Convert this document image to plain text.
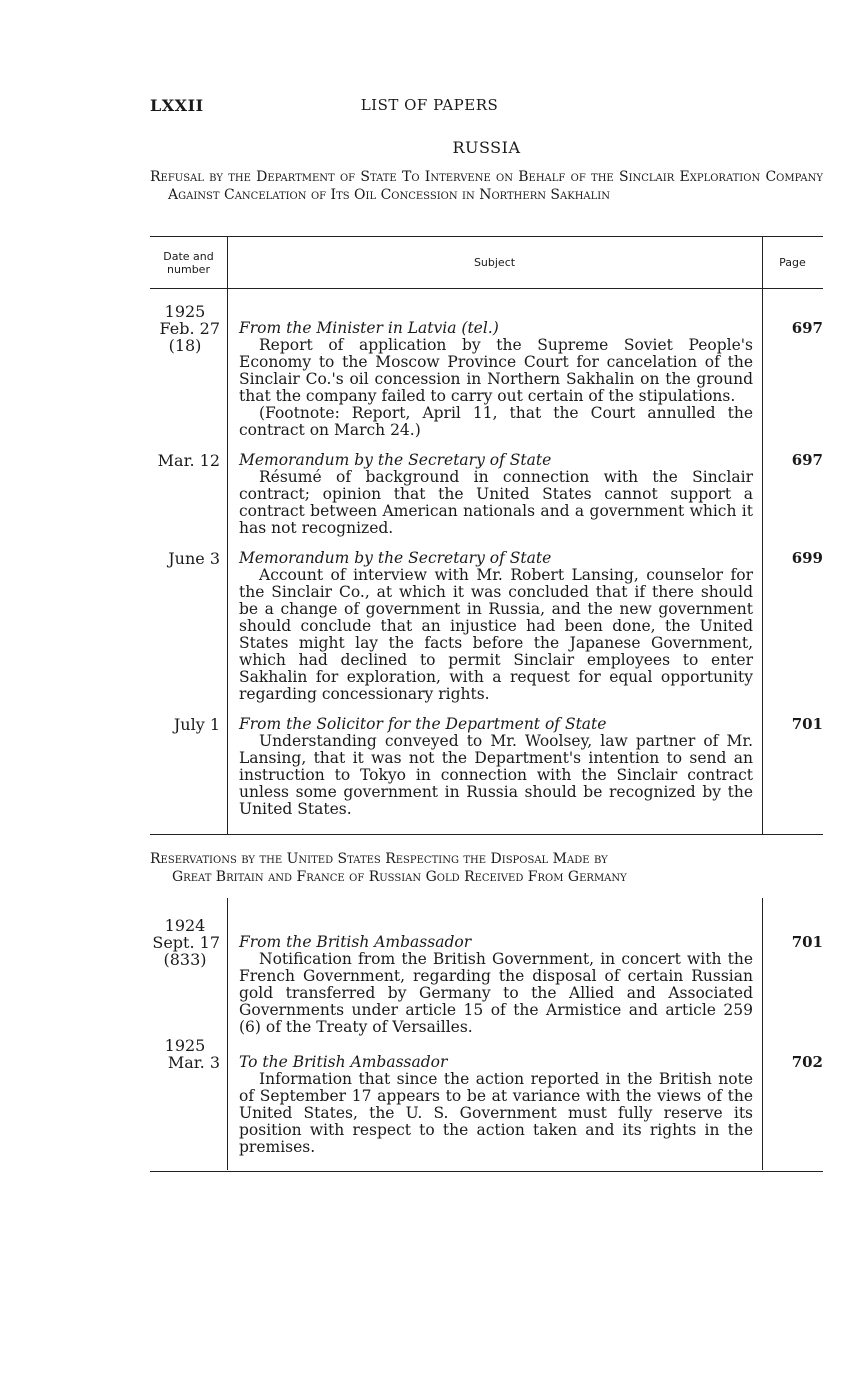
LXXII	LIST OF PAPERS
RUSSIA
Refusal by the Department of State To Intervene on Behalf of the Sinclair Exploration Company Against Cancelation of Its Oil Concession in Northern Sakhalin
Date and number
Subject	Page
1925
Feb. 27
(18)
From the Minister in Latvia (tel.)
Report of application by the Supreme Soviet People's Economy to the Moscow Province Court for cancelation of the Sinclair Co.'s oil concession in Northern Sakhalin on the ground that the company failed to carry out certain of the stipulations.
(Footnote: Report, April 11, that the Court annulled the contract on March 24.)
697
Mar. 12 Memorandum by the Secretary of State
Résumé of background in connection with the Sinclair contract; opinion that the United States cannot support a contract between American nationals and a government which it has not recognized.
697
June 3 Memorandum by the Secretary of State
Account of interview with Mr. Robert Lansing, counselor for the Sinclair Co., at which it was concluded that if there should be a change of government in Russia, and the new government should conclude that an injustice had been done, the United States might lay the facts before the Japanese Government, which had declined to permit Sinclair employees to enter Sakhalin for exploration, with a request for equal opportunity regarding concessionary rights.
699
July 1 From the Solicitor for the Department of State
Understanding conveyed to Mr. Woolsey, law partner of Mr. Lansing, that it was not the Department's intention to send an instruction to Tokyo in connection with the Sinclair contract unless some government in Russia should be recognized by the United States.
701
Reservations by the United States Respecting the Disposal Made by
Great Britain and France of Russian Gold Received From Germany
1924
Sept. 17
(833)
From the British Ambassador
Notification from the British Government, in concert with the French Government, regarding the disposal of certain Russian gold transferred by Germany to the Allied and Associated Governments under article 15 of the Armistice and article 259 (6) of the Treaty of Versailles.
701
1925
Mar. 3 To the British Ambassador
Information that since the action reported in the British note of September 17 appears to be at variance with the views of the United States, the U. S. Government must fully reserve its position with respect to the action taken and its rights in the premises.
702
